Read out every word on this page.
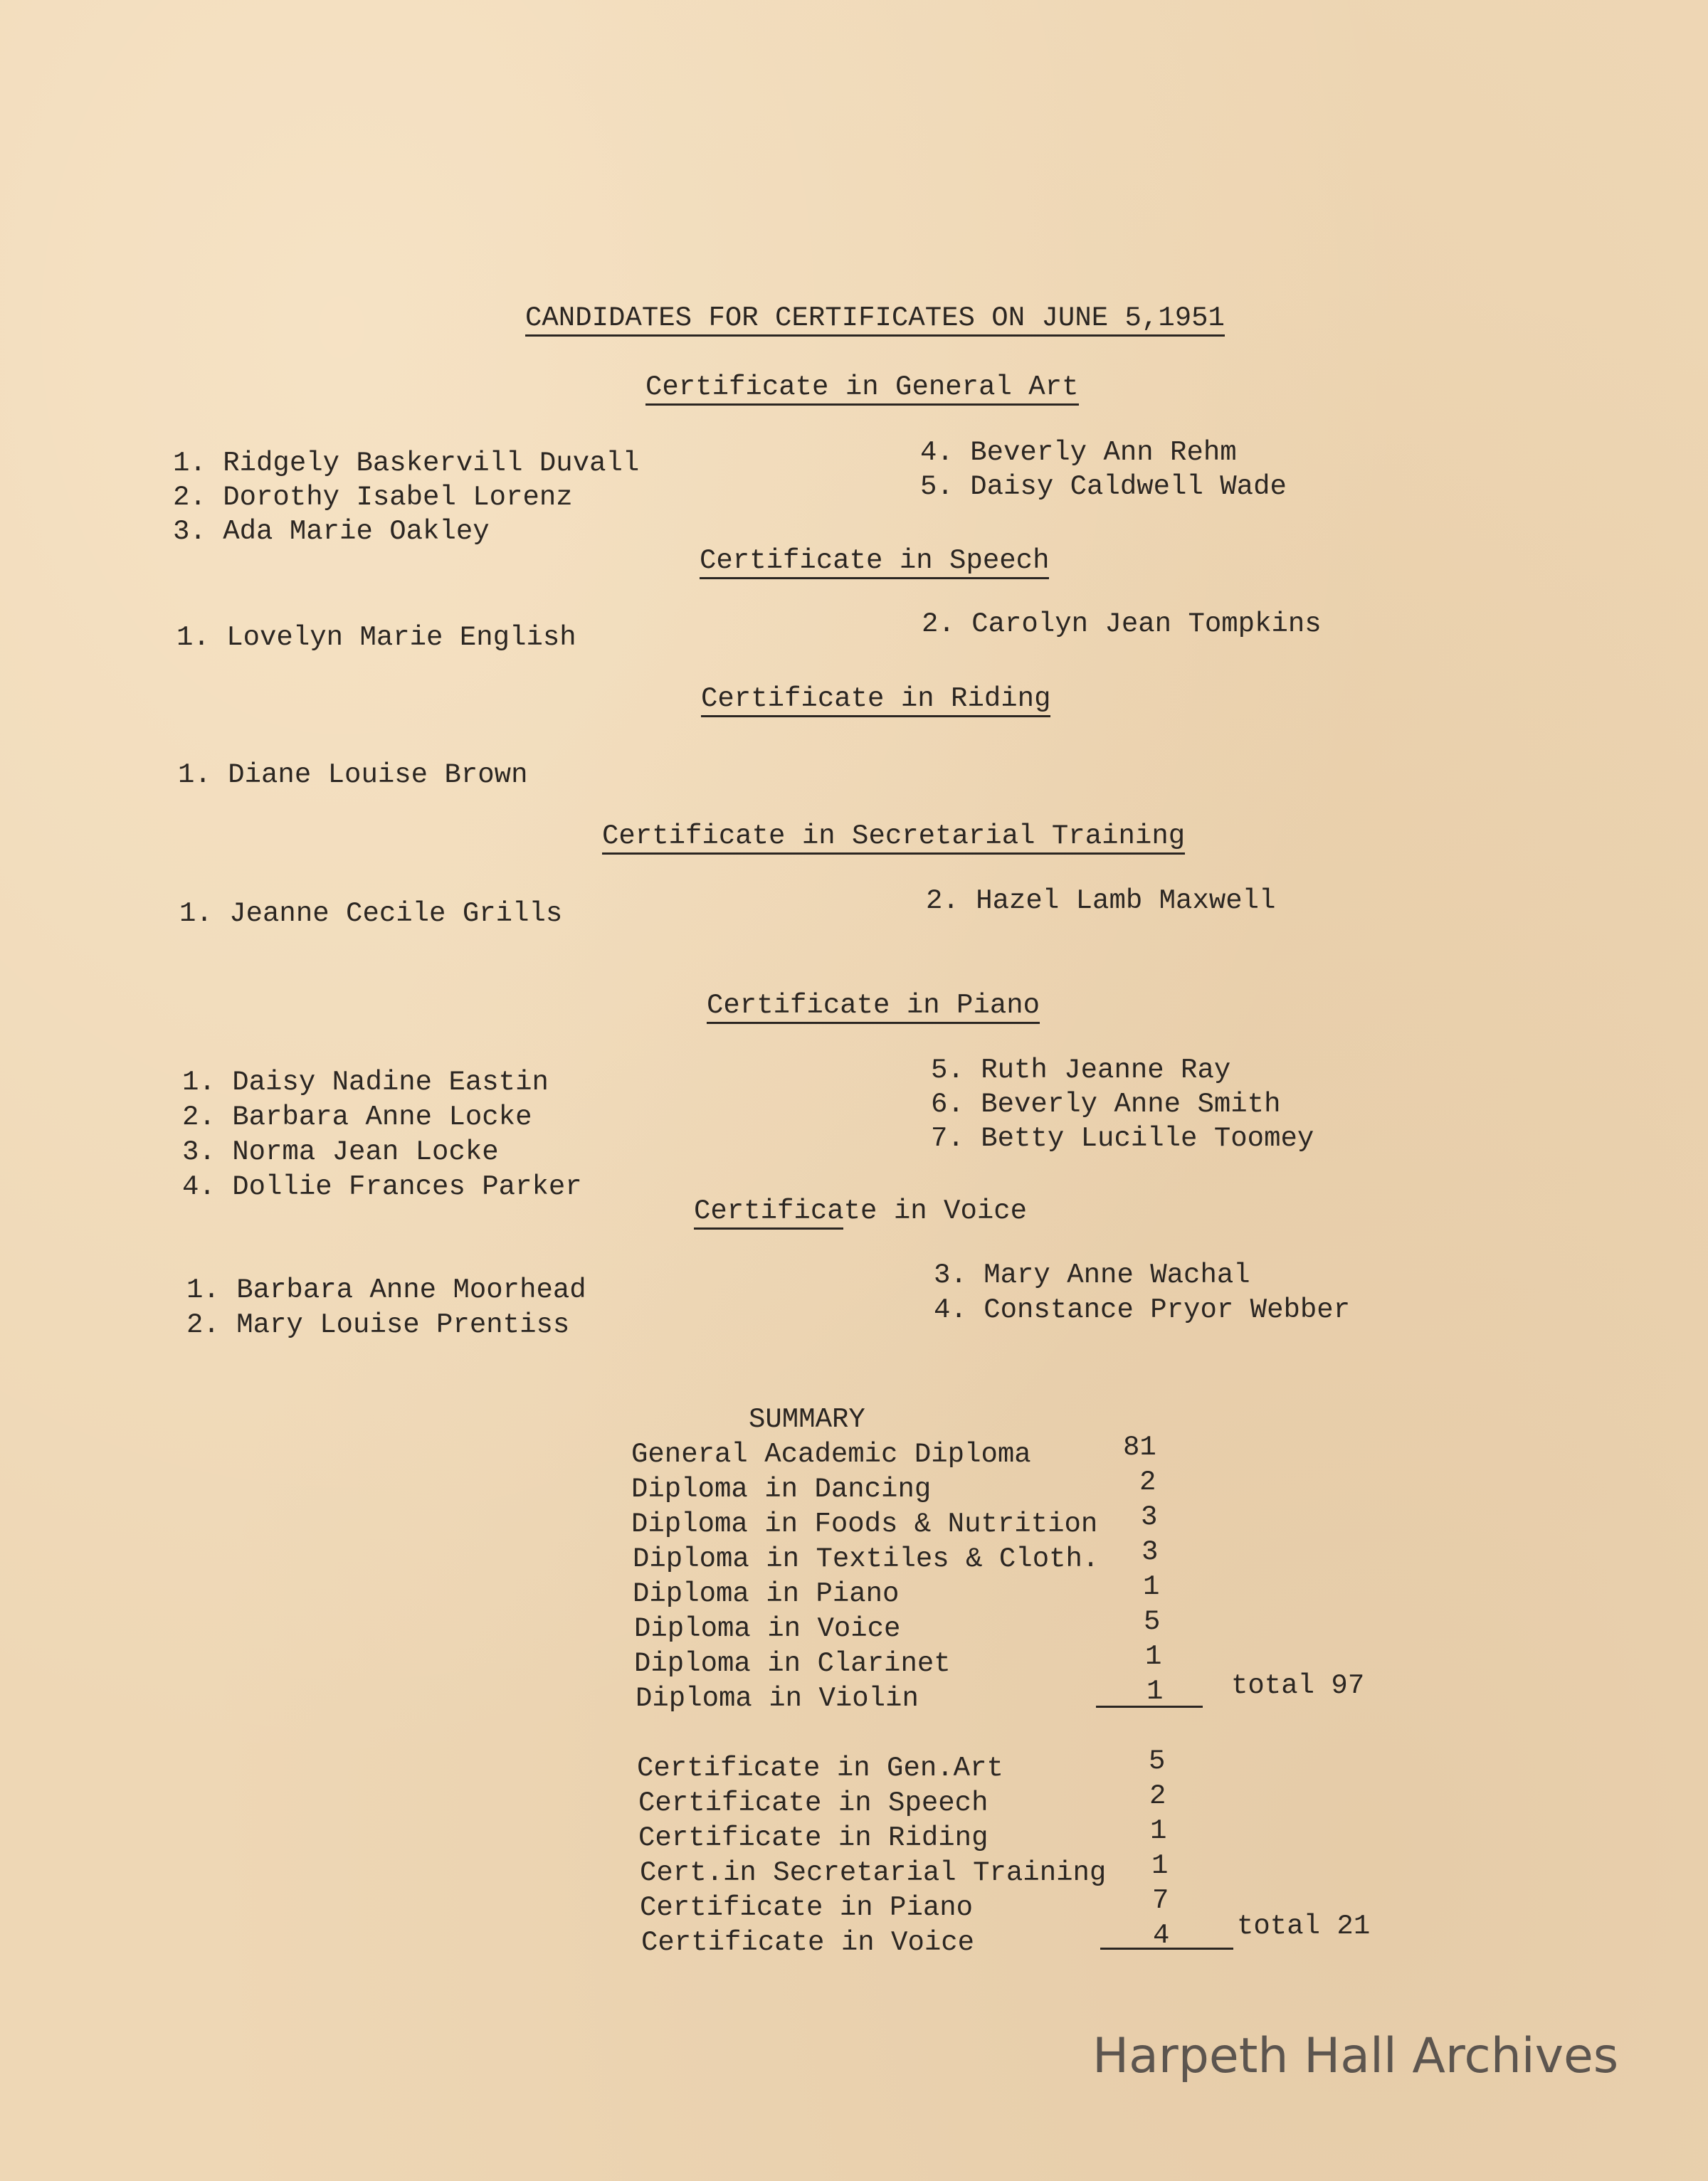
CANDIDATES FOR CERTIFICATES ON JUNE 5,1951
Certificate in General Art
1. Ridgely Baskervill Duvall
2. Dorothy Isabel Lorenz
3. Ada Marie Oakley
4. Beverly Ann Rehm
5. Daisy Caldwell Wade
Certificate in Speech
1. Lovelyn Marie English	2. Carolyn Jean Tompkins
Certificate in Riding
1. Diane Louise Brown
Certificate in Secretarial Training
1. Jeanne Cecile Grills	2. Hazel Lamb Maxwell
Certificate in Piano
1. Daisy Nadine Eastin
2. Barbara Anne Locke
3. Norma Jean Locke
4. Dollie Frances Parker
5. Ruth Jeanne Ray
6. Beverly Anne Smith
7. Betty Lucille Toomey
Certificate in Voice
1. Barbara Anne Moorhead
2. Mary Louise Prentiss
3. Mary Anne Wachal
4. Constance Pryor Webber
SUMMARY
General Academic Diploma	81
Diploma in Dancing	2
Diploma in Foods & Nutrition 3
Diploma in Textiles & Cloth. 3
Diploma in Piano	1
Diploma in Voice	5
Diploma in Clarinet	1
Diploma in Violin	1 total 97
Certificate in Gen.Art	5
Certificate in Speech	2
Certificate in Riding	1
Cert.in Secretarial Training 1
Certificate in Piano	7
Certificate in Voice	4 total 21
Harpeth Hall Archives
